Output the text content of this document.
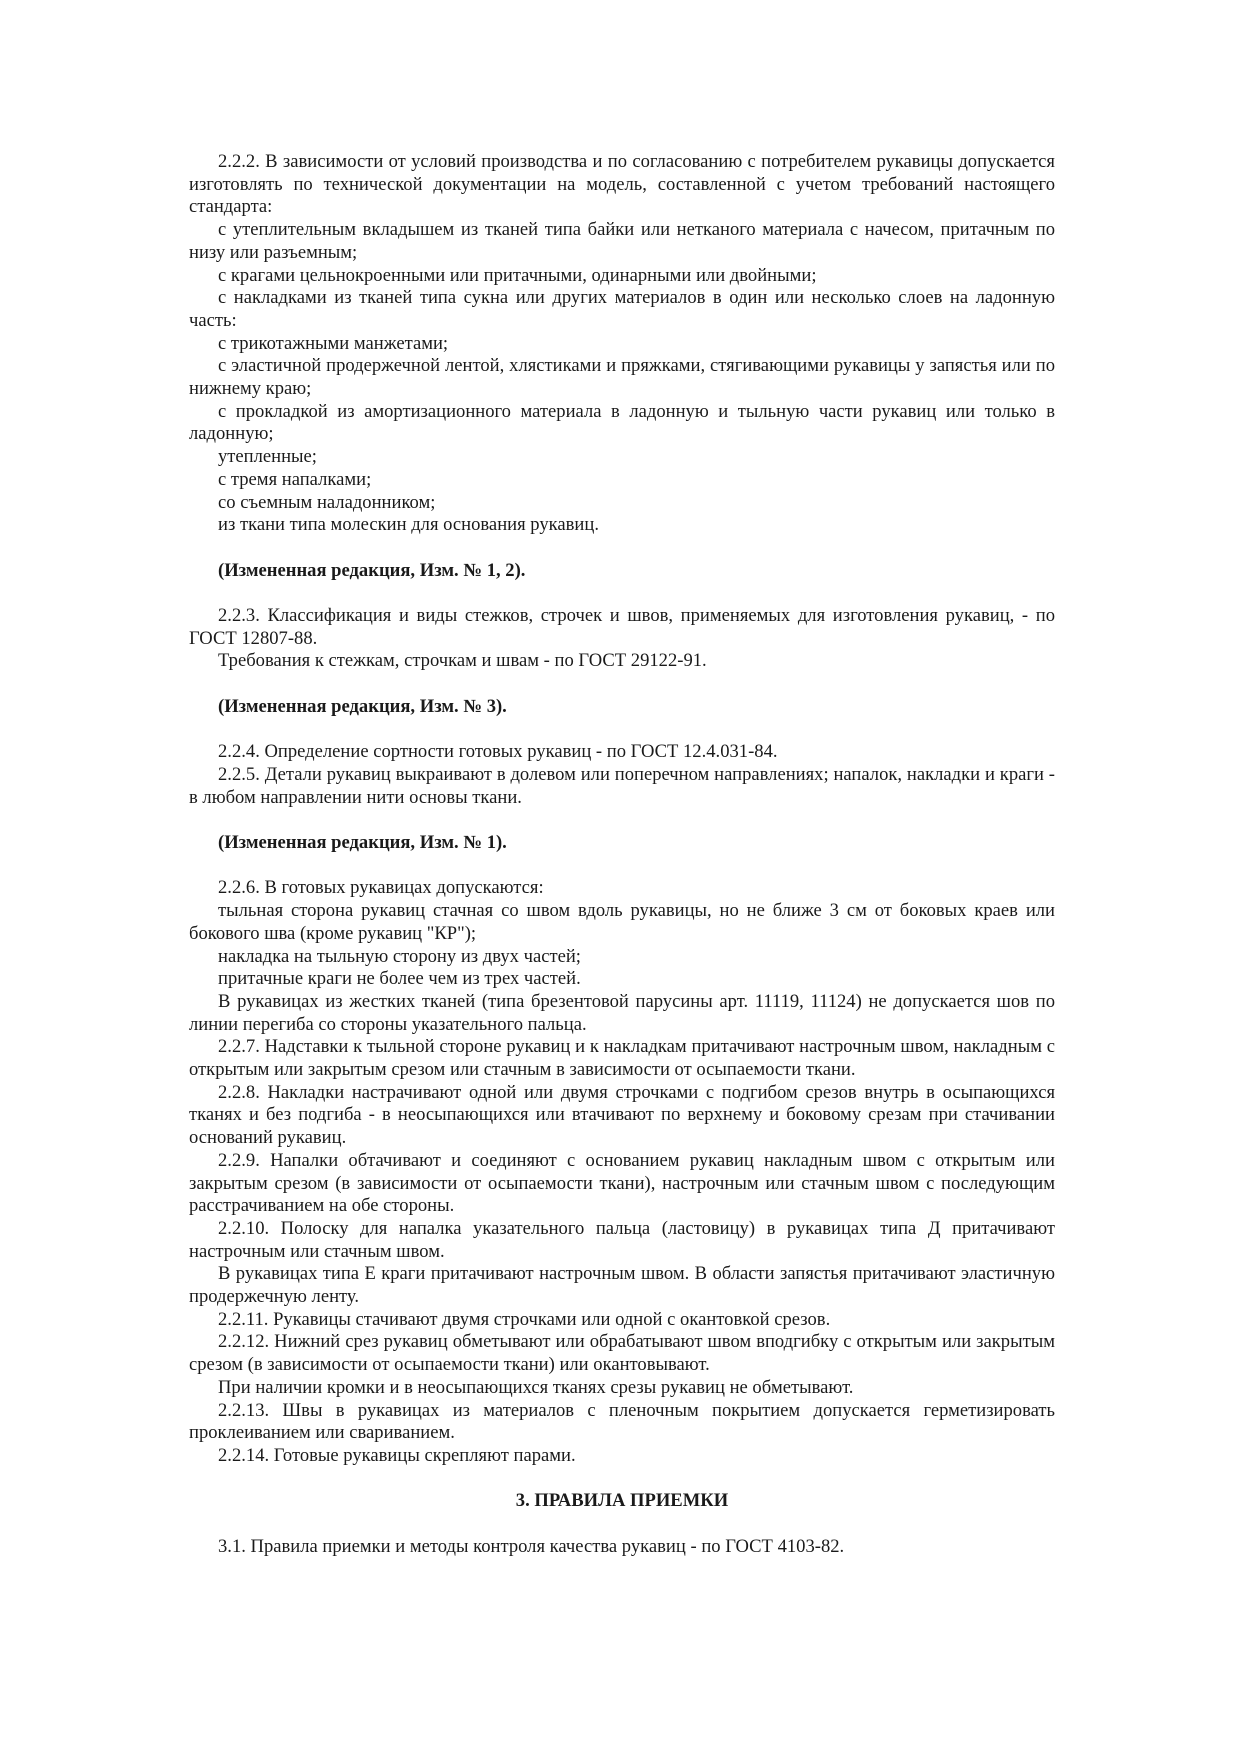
2.2.2. В зависимости от условий производства и по согласованию с потребителем рукавицы допускается изготовлять по технической документации на модель, составленной с учетом требований настоящего стандарта:

с утеплительным вкладышем из тканей типа байки или нетканого материала с начесом, притачным по низу или разъемным;

с крагами цельнокроенными или притачными, одинарными или двойными;

с накладками из тканей типа сукна или других материалов в один или несколько слоев на ладонную часть:

с трикотажными манжетами;

с эластичной продержечной лентой, хлястиками и пряжками, стягивающими рукавицы у запястья или по нижнему краю;

с прокладкой из амортизационного материала в ладонную и тыльную части рукавиц или только в ладонную;

утепленные;

с тремя напалками;

со съемным наладонником;

из ткани типа молескин для основания рукавиц.

(Измененная редакция, Изм. № 1, 2).

2.2.3. Классификация и виды стежков, строчек и швов, применяемых для изготовления рукавиц, - по ГОСТ 12807-88.

Требования к стежкам, строчкам и швам - по ГОСТ 29122-91.

(Измененная редакция, Изм. № 3).

2.2.4. Определение сортности готовых рукавиц - по ГОСТ 12.4.031-84.

2.2.5. Детали рукавиц выкраивают в долевом или поперечном направлениях; напалок, накладки и краги - в любом направлении нити основы ткани.

(Измененная редакция, Изм. № 1).

2.2.6. В готовых рукавицах допускаются:

тыльная сторона рукавиц стачная со швом вдоль рукавицы, но не ближе 3 см от боковых краев или бокового шва (кроме рукавиц "КР");

накладка на тыльную сторону из двух частей;

притачные краги не более чем из трех частей.

В рукавицах из жестких тканей (типа брезентовой парусины арт. 11119, 11124) не допускается шов по линии перегиба со стороны указательного пальца.

2.2.7. Надставки к тыльной стороне рукавиц и к накладкам притачивают настрочным швом, накладным с открытым или закрытым срезом или стачным в зависимости от осыпаемости ткани.

2.2.8. Накладки настрачивают одной или двумя строчками с подгибом срезов внутрь в осыпающихся тканях и без подгиба - в неосыпающихся или втачивают по верхнему и боковому срезам при стачивании оснований рукавиц.

2.2.9. Напалки обтачивают и соединяют с основанием рукавиц накладным швом с открытым или закрытым срезом (в зависимости от осыпаемости ткани), настрочным или стачным швом с последующим расстрачиванием на обе стороны.

2.2.10. Полоску для напалка указательного пальца (ластовицу) в рукавицах типа Д притачивают настрочным или стачным швом.

В рукавицах типа Е краги притачивают настрочным швом. В области запястья притачивают эластичную продержечную ленту.

2.2.11. Рукавицы стачивают двумя строчками или одной с окантовкой срезов.

2.2.12. Нижний срез рукавиц обметывают или обрабатывают швом вподгибку с открытым или закрытым срезом (в зависимости от осыпаемости ткани) или окантовывают.

При наличии кромки и в неосыпающихся тканях срезы рукавиц не обметывают.

2.2.13. Швы в рукавицах из материалов с пленочным покрытием допускается герметизировать проклеиванием или свариванием.

2.2.14. Готовые рукавицы скрепляют парами.

3. ПРАВИЛА ПРИЕМКИ

3.1. Правила приемки и методы контроля качества рукавиц - по ГОСТ 4103-82.
